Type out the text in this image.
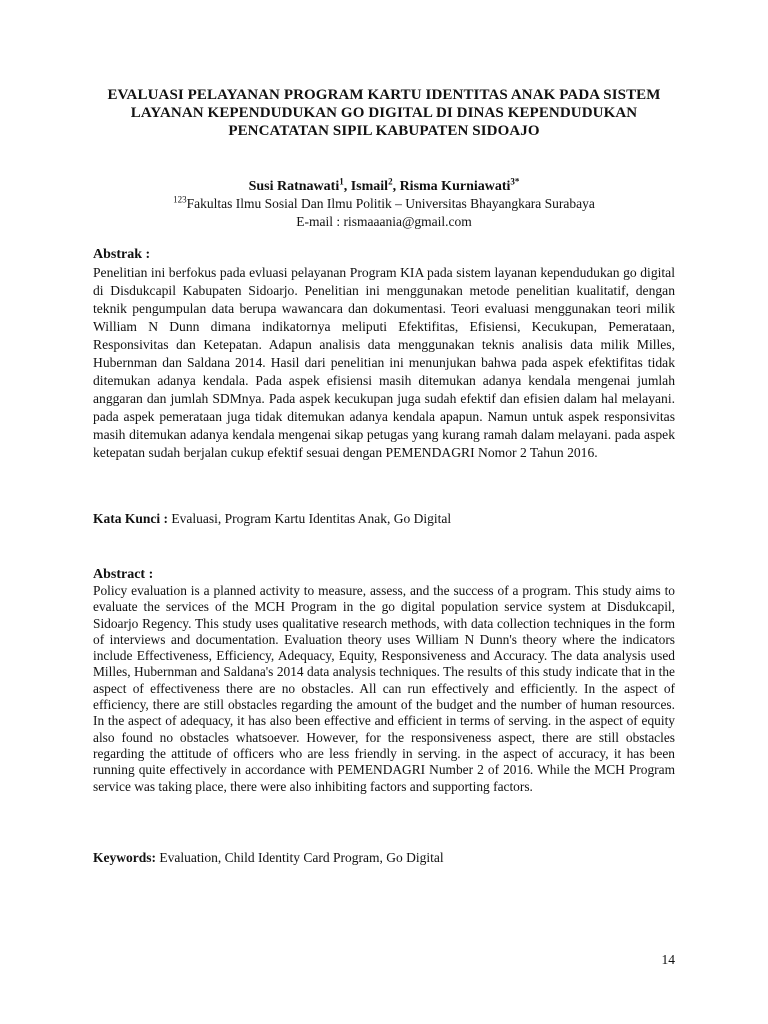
EVALUASI PELAYANAN PROGRAM KARTU IDENTITAS ANAK PADA SISTEM
LAYANAN KEPENDUDUKAN GO DIGITAL DI DINAS KEPENDUDUKAN
PENCATATAN SIPIL KABUPATEN SIDOAJO
Susi Ratnawati$^1$, Ismail$^2$, Risma Kurniawati$^{3*}$
$^{123}$Fakultas Ilmu Sosial Dan Ilmu Politik – Universitas Bhayangkara Surabaya
E-mail : rismaaania@gmail.com
Abstrak :
Penelitian ini berfokus pada evluasi pelayanan Program KIA pada sistem layanan kependudukan go digital di Disdukcapil Kabupaten Sidoarjo. Penelitian ini menggunakan metode penelitian kualitatif, dengan teknik pengumpulan data berupa wawancara dan dokumentasi. Teori evaluasi menggunakan teori milik William N Dunn dimana indikatornya meliputi Efektifitas, Efisiensi, Kecukupan, Pemerataan, Responsivitas dan Ketepatan. Adapun analisis data menggunakan teknis analisis data milik Milles, Hubernman dan Saldana 2014. Hasil dari penelitian ini menunjukan bahwa pada aspek efektifitas tidak ditemukan adanya kendala. Pada aspek efisiensi masih ditemukan adanya kendala mengenai jumlah anggaran dan jumlah SDMnya. Pada aspek kecukupan juga sudah efektif dan efisien dalam hal melayani. pada aspek pemerataan juga tidak ditemukan adanya kendala apapun. Namun untuk aspek responsivitas masih ditemukan adanya kendala mengenai sikap petugas yang kurang ramah dalam melayani. pada aspek ketepatan sudah berjalan cukup efektif sesuai dengan PEMENDAGRI Nomor 2 Tahun 2016.
Kata Kunci : Evaluasi, Program Kartu Identitas Anak, Go Digital
Abstract :
Policy evaluation is a planned activity to measure, assess, and the success of a program. This study aims to evaluate the services of the MCH Program in the go digital population service system at Disdukcapil, Sidoarjo Regency. This study uses qualitative research methods, with data collection techniques in the form of interviews and documentation. Evaluation theory uses William N Dunn's theory where the indicators include Effectiveness, Efficiency, Adequacy, Equity, Responsiveness and Accuracy. The data analysis used Milles, Hubernman and Saldana's 2014 data analysis techniques. The results of this study indicate that in the aspect of effectiveness there are no obstacles. All can run effectively and efficiently. In the aspect of efficiency, there are still obstacles regarding the amount of the budget and the number of human resources. In the aspect of adequacy, it has also been effective and efficient in terms of serving. in the aspect of equity also found no obstacles whatsoever. However, for the responsiveness aspect, there are still obstacles regarding the attitude of officers who are less friendly in serving. in the aspect of accuracy, it has been running quite effectively in accordance with PEMENDAGRI Number 2 of 2016. While the MCH Program service was taking place, there were also inhibiting factors and supporting factors.
Keywords: Evaluation, Child Identity Card Program, Go Digital
14
